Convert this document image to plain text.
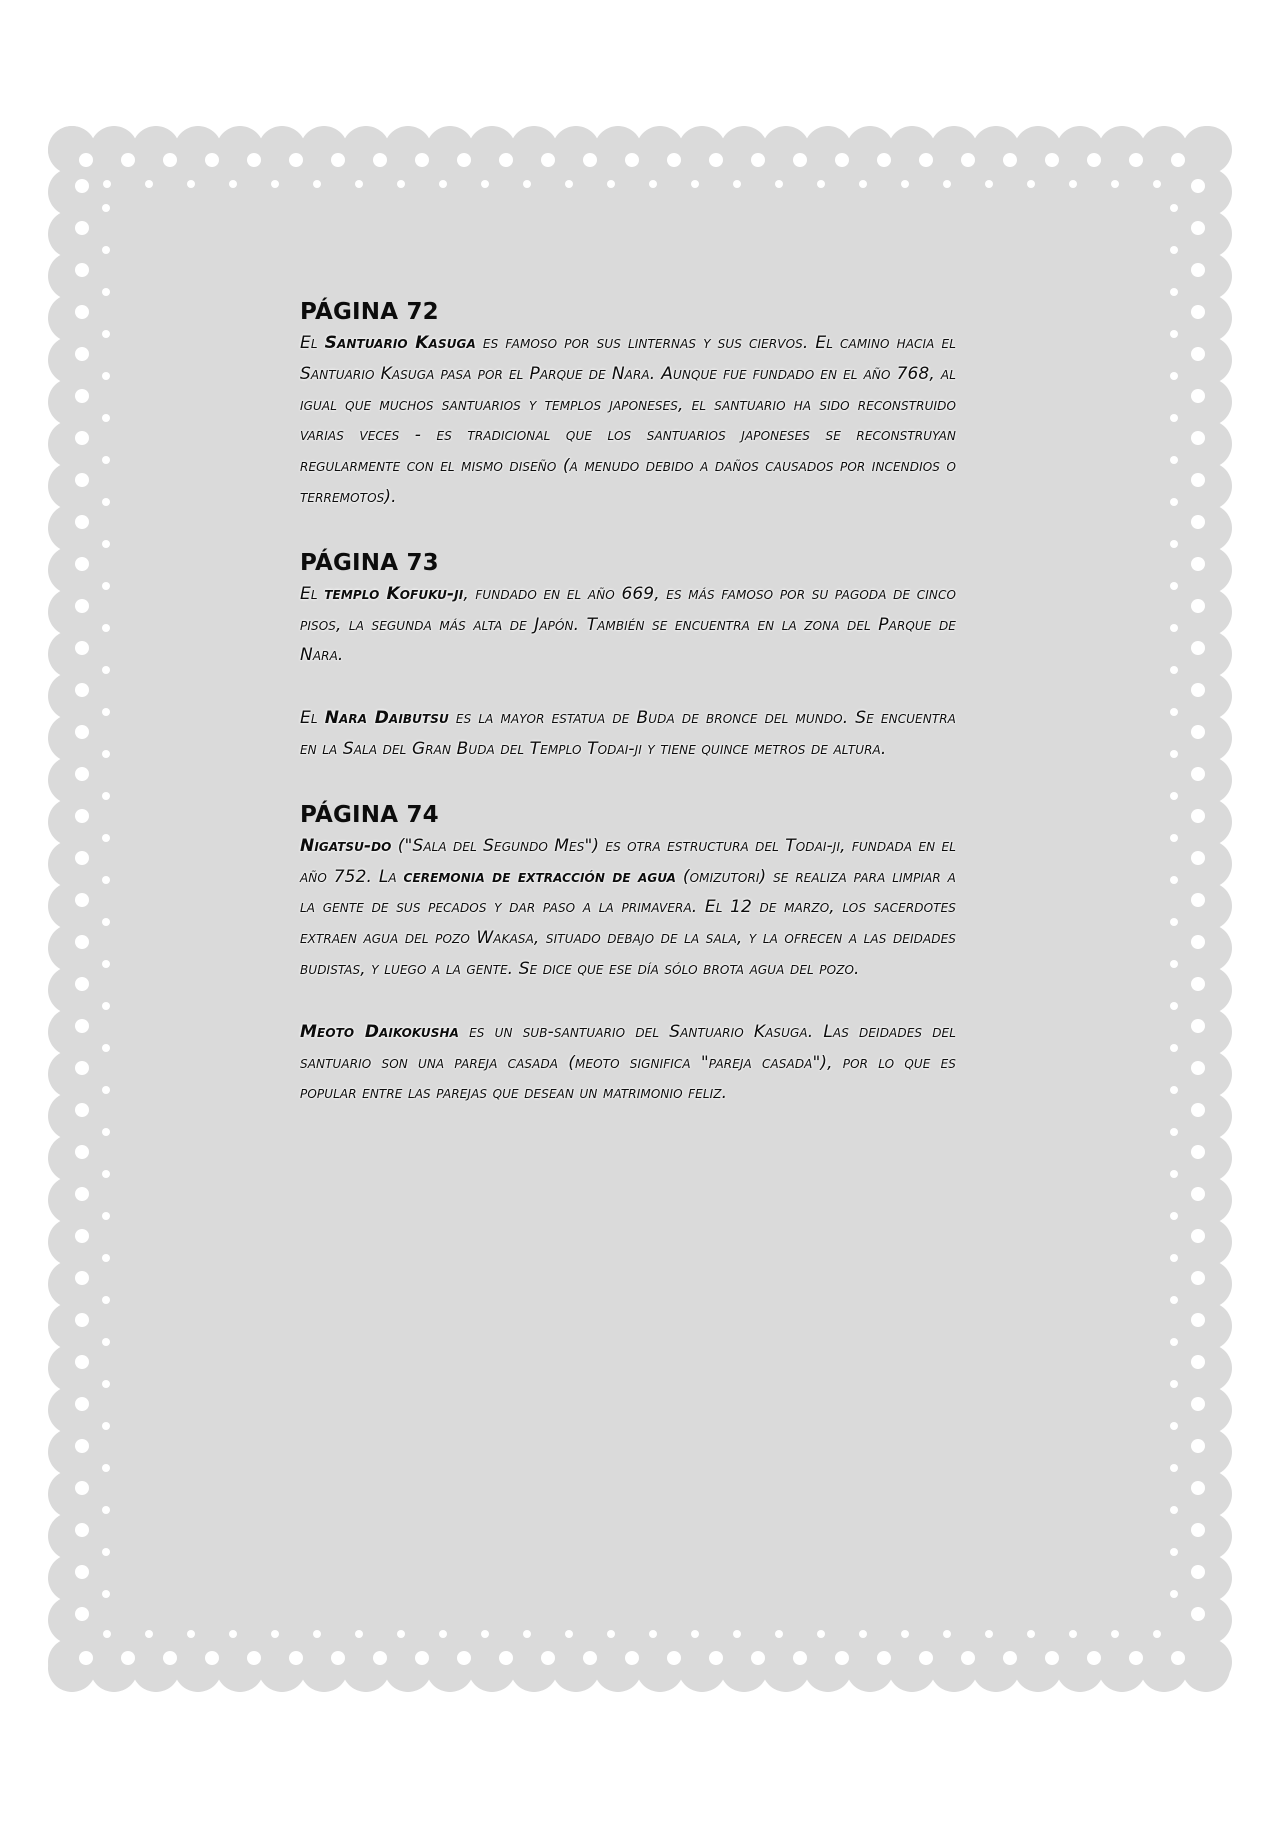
PÁGINA 72

El Santuario Kasuga es famoso por sus linternas y sus ciervos. El camino hacia el Santuario Kasuga pasa por el Parque de Nara. Aunque fue fundado en el año 768, al igual que muchos santuarios y templos japoneses, el santuario ha sido reconstruido varias veces - es tradicional que los santuarios japoneses se reconstruyan regularmente con el mismo diseño (a menudo debido a daños causados por incendios o terremotos).

PÁGINA 73

El templo Kofuku-ji, fundado en el año 669, es más famoso por su pagoda de cinco pisos, la segunda más alta de Japón. También se encuentra en la zona del Parque de Nara.

El Nara Daibutsu es la mayor estatua de Buda de bronce del mundo. Se encuentra en la Sala del Gran Buda del Templo Todai-ji y tiene quince metros de altura.

PÁGINA 74

Nigatsu-do ("Sala del Segundo Mes") es otra estructura del Todai-ji, fundada en el año 752. La ceremonia de extracción de agua (omizutori) se realiza para limpiar a la gente de sus pecados y dar paso a la primavera. El 12 de marzo, los sacerdotes extraen agua del pozo Wakasa, situado debajo de la sala, y la ofrecen a las deidades budistas, y luego a la gente. Se dice que ese día sólo brota agua del pozo.

Meoto Daikokusha es un sub-santuario del Santuario Kasuga. Las deidades del santuario son una pareja casada (meoto significa "pareja casada"), por lo que es popular entre las parejas que desean un matrimonio feliz.
